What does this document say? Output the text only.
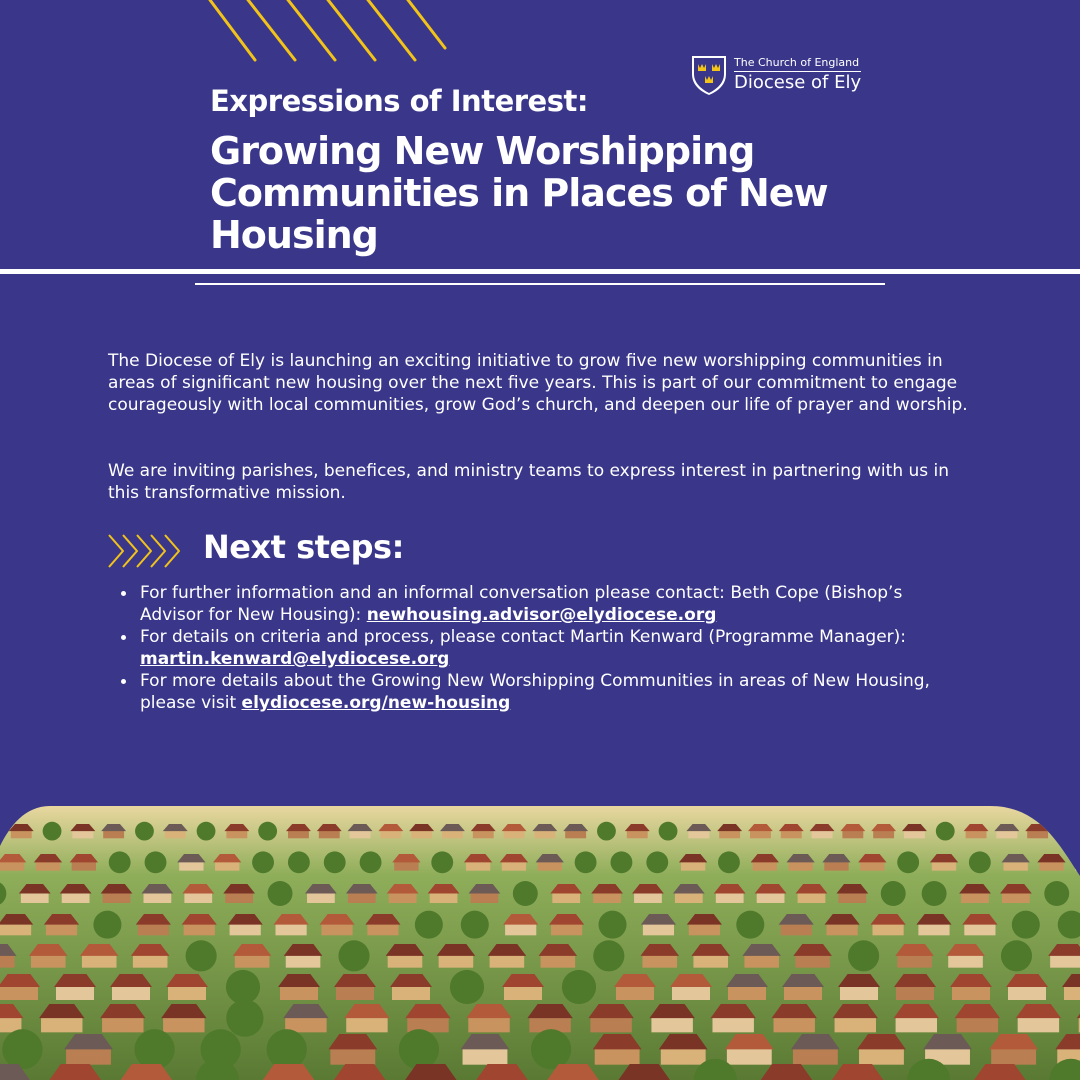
The Church of England
Diocese of Ely
Expressions of Interest:
Growing New Worshipping Communities in Places of New Housing

The Diocese of Ely is launching an exciting initiative to grow five new worshipping communities in areas of significant new housing over the next five years. This is part of our commitment to engage courageously with local communities, grow God’s church, and deepen our life of prayer and worship.

We are inviting parishes, benefices, and ministry teams to express interest in partnering with us in this transformative mission.

Next steps:
For further information and an informal conversation please contact: Beth Cope (Bishop’s Advisor for New Housing): newhousing.advisor@elydiocese.org
For details on criteria and process, please contact Martin Kenward (Programme Manager): martin.kenward@elydiocese.org
For more details about the Growing New Worshipping Communities in areas of New Housing, please visit elydiocese.org/new-housing
